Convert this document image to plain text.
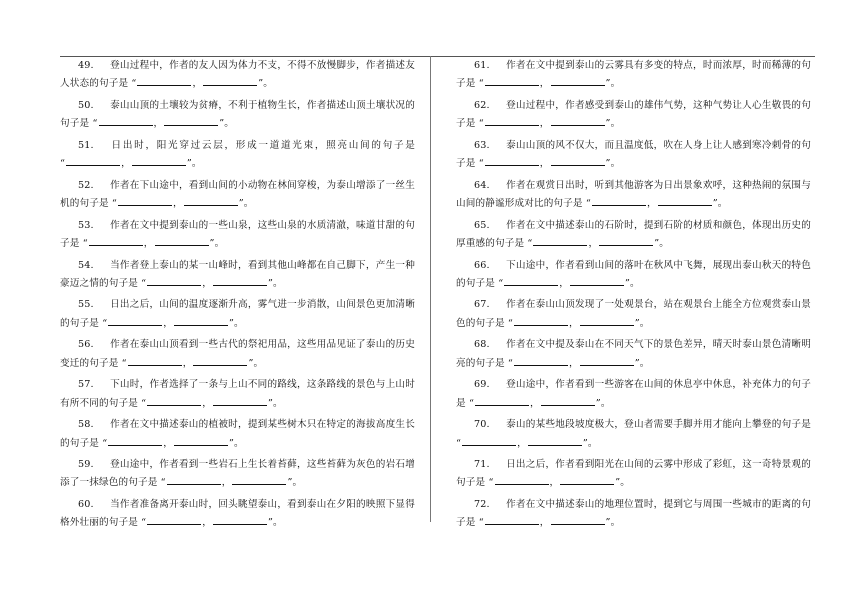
49. 登山过程中，作者的友人因为体力不支，不得不放慢脚步，作者描述友人状态的句子是 “	，	”。

50. 泰山山顶的土壤较为贫瘠，不利于植物生长，作者描述山顶土壤状况的句子是 “	，	”。

51. 日出时，阳光穿过云层，形成一道道光束，照亮山间的句子是 “	，	”。

52. 作者在下山途中，看到山间的小动物在林间穿梭，为泰山增添了一丝生机的句子是 “	，	”。

53. 作者在文中提到泰山的一些山泉，这些山泉的水质清澈，味道甘甜的句子是 “	，	”。

54. 当作者登上泰山的某一山峰时，看到其他山峰都在自己脚下，产生一种豪迈之情的句子是 “	，	”。

55. 日出之后，山间的温度逐渐升高，雾气进一步消散，山间景色更加清晰的句子是 “	，	”。

56. 作者在泰山山顶看到一些古代的祭祀用品，这些用品见证了泰山的历史变迁的句子是 “	，	”。

57. 下山时，作者选择了一条与上山不同的路线，这条路线的景色与上山时有所不同的句子是 “	，	”。

58. 作者在文中描述泰山的植被时，提到某些树木只在特定的海拔高度生长的句子是 “	，	”。

59. 登山途中，作者看到一些岩石上生长着苔藓，这些苔藓为灰色的岩石增添了一抹绿色的句子是 “	，	”。

60. 当作者准备离开泰山时，回头眺望泰山，看到泰山在夕阳的映照下显得格外壮丽的句子是 “	，	”。

61. 作者在文中提到泰山的云雾具有多变的特点，时而浓厚，时而稀薄的句子是 “	，	”。

62. 登山过程中，作者感受到泰山的雄伟气势，这种气势让人心生敬畏的句子是 “	，	”。

63. 泰山山顶的风不仅大，而且温度低，吹在人身上让人感到寒冷刺骨的句子是 “	，	”。

64. 作者在观赏日出时，听到其他游客为日出景象欢呼，这种热闹的氛围与山间的静谧形成对比的句子是 “	，	”。

65. 作者在文中描述泰山的石阶时，提到石阶的材质和颜色，体现出历史的厚重感的句子是 “	，	”。

66. 下山途中，作者看到山间的落叶在秋风中飞舞，展现出泰山秋天的特色的句子是 “	，	”。

67. 作者在泰山山顶发现了一处观景台，站在观景台上能全方位观赏泰山景色的句子是 “	，	”。

68. 作者在文中提及泰山在不同天气下的景色差异，晴天时泰山景色清晰明亮的句子是 “	，	”。

69. 登山途中，作者看到一些游客在山间的休息亭中休息，补充体力的句子是 “	，	”。

70. 泰山的某些地段坡度极大，登山者需要手脚并用才能向上攀登的句子是 “	，	”。

71. 日出之后，作者看到阳光在山间的云雾中形成了彩虹，这一奇特景观的句子是 “	，	”。

72. 作者在文中描述泰山的地理位置时，提到它与周围一些城市的距离的句子是 “	，	”。
